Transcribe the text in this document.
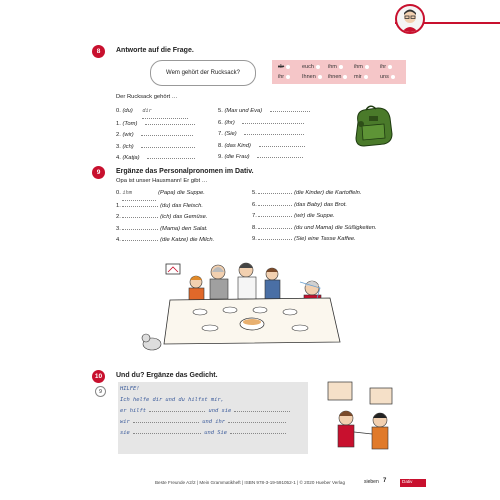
8 Antworte auf die Frage.
Wem gehört der Rucksack?
dir	euch	ihm	ihm	ihr
ihr	Ihnen	ihnen	mir	uns
Der Rucksack gehört …
0. (du) dir
1. (Tom)
2. (wir)
3. (ich)
4. (Katja)
5. (Max und Eva)
6. (ihr)
7. (Sie)
8. (das Kind)
9. (die Frau)
9 Ergänze das Personalpronomen im Dativ.
Opa ist unser Hausmann! Er gibt …
0. ihm	(Papa) die Suppe.
1.	(du) das Fleisch.
2.	(ich) das Gemüse.
3.	(Mama) den Salat.
4.	(die Katze) die Milch.
5.	(die Kinder) die Kartoffeln.
6.	(das Baby) das Brot.
7.	(wir) die Suppe.
8.	(du und Mama) die Süßigkeiten.
9.	(Sie) eine Tasse Kaffee.
10 Und du? Ergänze das Gedicht.
9	HILFE!
Ich helfe dir und du hilfst mir,
er hilft	und sie
wir	und ihr
sie	und Sie
Beste Freunde A2/2 | Mein Grammatikheft | ISBN 978-3-19-591052-1 | © 2020 Hueber Verlag	sieben 7	Dativ
